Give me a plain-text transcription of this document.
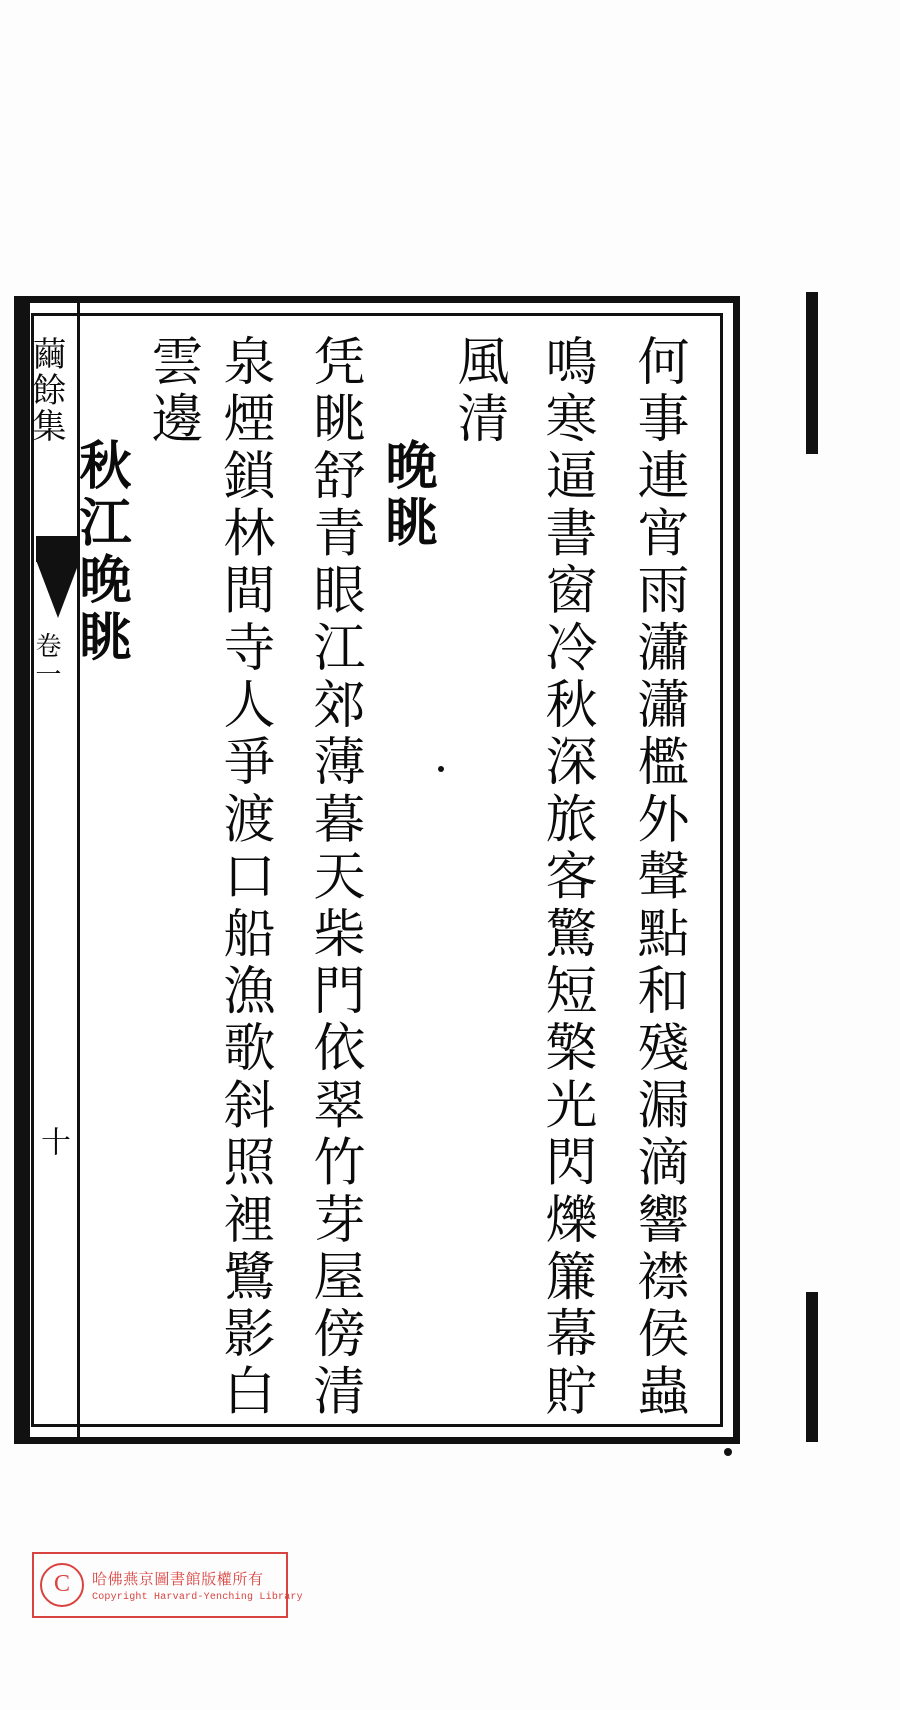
繭餘集
卷一
十	何事連宵雨瀟瀟檻外聲點和殘漏滴響襟侯蟲
鳴寒逼書窗冷秋深旅客驚短檠光閃爍簾幕貯
風清
晚眺
凭眺舒青眼江郊薄暮天柴門依翠竹芽屋傍清
泉煙鎖林間寺人爭渡口船漁歌斜照裡鷺影白
雲邊
秋江晚眺
C	哈佛燕京圖書館版權所有
Copyright Harvard-Yenching Library
